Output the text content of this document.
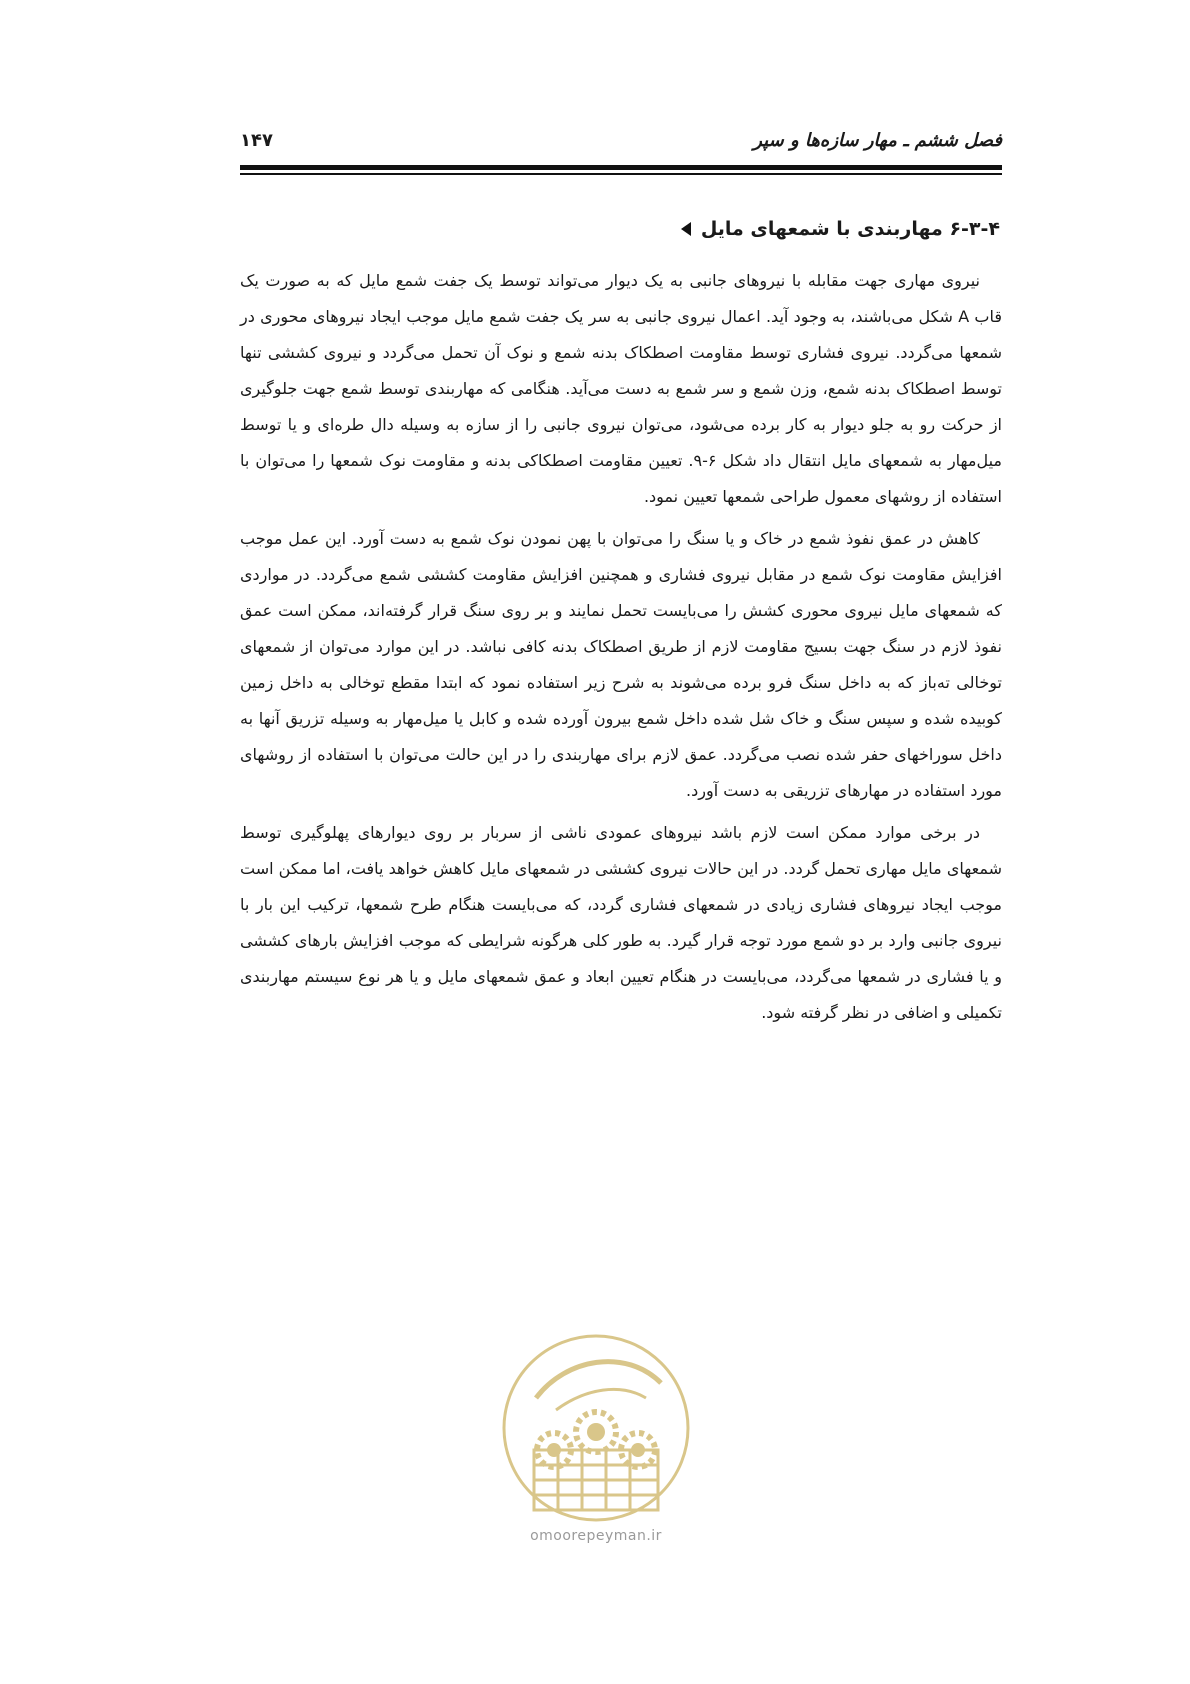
فصل ششم ـ مهار سازه‌ها و سپر
۱۴۷
۶-۳-۴ مهاربندی با شمعهای مایل

نیروی مهاری جهت مقابله با نیروهای جانبی به یک دیوار می‌تواند توسط یک جفت شمع مایل که به صورت یک قاب A شکل می‌باشند، به وجود آید. اعمال نیروی جانبی به سر یک جفت شمع مایل موجب ایجاد نیروهای محوری در شمعها می‌گردد. نیروی فشاری توسط مقاومت اصطکاک بدنه شمع و نوک آن تحمل می‌گردد و نیروی کششی تنها توسط اصطکاک بدنه شمع، وزن شمع و سر شمع به دست می‌آید. هنگامی که مهاربندی توسط شمع جهت جلوگیری از حرکت رو به جلو دیوار به کار برده می‌شود، می‌توان نیروی جانبی را از سازه به وسیله دال طره‌ای و یا توسط میل‌مهار به شمعهای مایل انتقال داد شکل ۶-۹. تعیین مقاومت اصطکاکی بدنه و مقاومت نوک شمعها را می‌توان با استفاده از روشهای معمول طراحی شمعها تعیین نمود.

کاهش در عمق نفوذ شمع در خاک و یا سنگ را می‌توان با پهن نمودن نوک شمع به دست آورد. این عمل موجب افزایش مقاومت نوک شمع در مقابل نیروی فشاری و همچنین افزایش مقاومت کششی شمع می‌گردد. در مواردی که شمعهای مایل نیروی محوری کشش را می‌بایست تحمل نمایند و بر روی سنگ قرار گرفته‌اند، ممکن است عمق نفوذ لازم در سنگ جهت بسیج مقاومت لازم از طریق اصطکاک بدنه کافی نباشد. در این موارد می‌توان از شمعهای توخالی ته‌باز که به داخل سنگ فرو برده می‌شوند به شرح زیر استفاده نمود که ابتدا مقطع توخالی به داخل زمین کوبیده شده و سپس سنگ و خاک شل شده داخل شمع بیرون آورده شده و کابل یا میل‌مهار به وسیله تزریق آنها به داخل سوراخهای حفر شده نصب می‌گردد. عمق لازم برای مهاربندی را در این حالت می‌توان با استفاده از روشهای مورد استفاده در مهارهای تزریقی به دست آورد.

در برخی موارد ممکن است لازم باشد نیروهای عمودی ناشی از سربار بر روی دیوارهای پهلوگیری توسط شمعهای مایل مهاری تحمل گردد. در این حالات نیروی کششی در شمعهای مایل کاهش خواهد یافت، اما ممکن است موجب ایجاد نیروهای فشاری زیادی در شمعهای فشاری گردد، که می‌بایست هنگام طرح شمعها، ترکیب این بار با نیروی جانبی وارد بر دو شمع مورد توجه قرار گیرد. به طور کلی هرگونه شرایطی که موجب افزایش بارهای کششی و یا فشاری در شمعها می‌گردد، می‌بایست در هنگام تعیین ابعاد و عمق شمعهای مایل و یا هر نوع سیستم مهاربندی تکمیلی و اضافی در نظر گرفته شود.

omoorepeyman.ir
